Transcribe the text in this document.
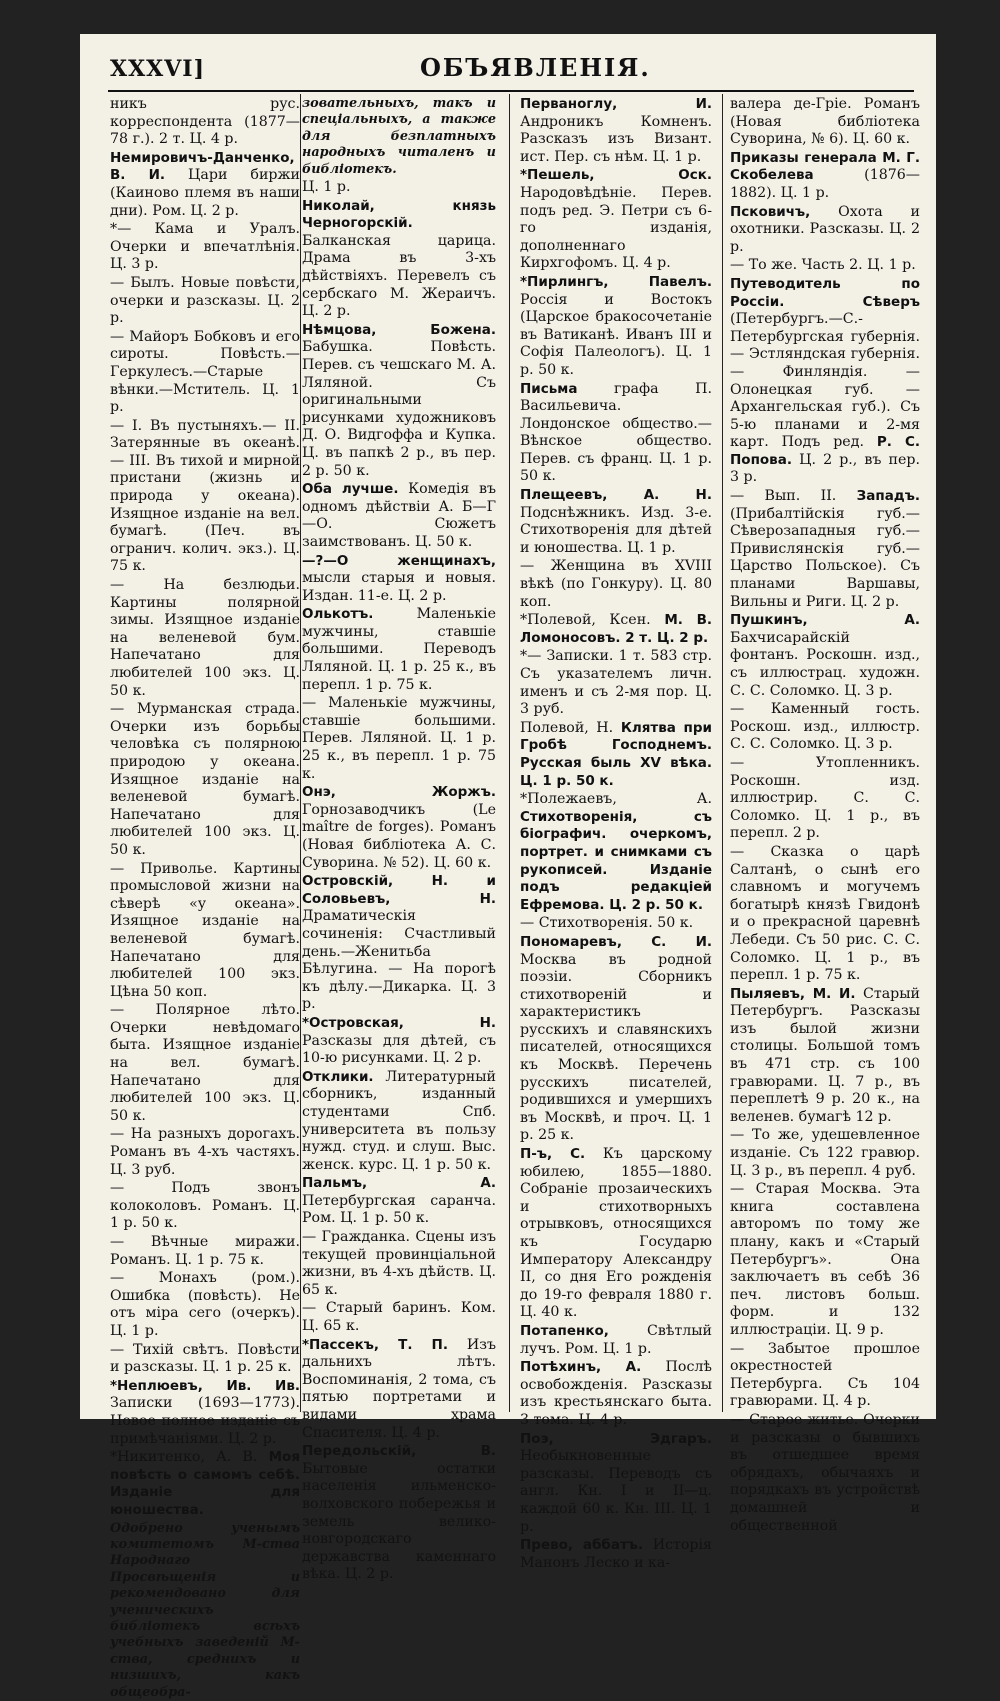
XXXVI]	ОБЪЯВЛЕНІЯ.

никъ рус. корреспондента (1877—78 г.). 2 т. Ц. 4 р.

Немировичъ-Данченко, В. И. Цари биржи (Каиново племя въ наши дни). Ром. Ц. 2 р.

*— Кама и Уралъ. Очерки и впечатлѣнія. Ц. 3 р.

— Былъ. Новые повѣсти, очерки и разсказы. Ц. 2 р.

— Майоръ Бобковъ и его сироты. Повѣсть.—Геркулесъ.—Старые вѣнки.—Мститель. Ц. 1 р.

— I. Въ пустыняхъ.— II. Затерянные въ океанѣ. — III. Въ тихой и мирной пристани (жизнь и природа у океана). Изящное изданіе на вел. бумагѣ. (Печ. въ огранич. колич. экз.). Ц. 75 к.

— На безлюдьи. Картины полярной зимы. Изящное изданіе на веленевой бум. Напечатано для любителей 100 экз. Ц. 50 к.

— Мурманская страда. Очерки изъ борьбы человѣка съ полярною природою у океана. Изящное изданіе на веленевой бумагѣ. Напечатано для любителей 100 экз. Ц. 50 к.

— Привольe. Картины промысловой жизни на сѣверѣ «у океана». Изящное изданіе на веленевой бумагѣ. Напечатано для любителей 100 экз. Цѣна 50 коп.

— Полярное лѣто. Очерки невѣдомаго быта. Изящное изданіе на вел. бумагѣ. Напечатано для любителей 100 экз. Ц. 50 к.

— На разныхъ дорогахъ. Романъ въ 4-хъ частяхъ. Ц. 3 руб.

— Подъ звонъ колоколовъ. Романъ. Ц. 1 р. 50 к.

— Вѣчные миражи. Романъ. Ц. 1 р. 75 к.

— Монахъ (ром.). Ошибка (повѣсть). Не отъ міра сего (очеркъ). Ц. 1 р.

— Тихій свѣтъ. Повѣсти и разсказы. Ц. 1 р. 25 к.

*Неплюевъ, Ив. Ив. Записки (1693—1773). Новое полное изданіе съ примѣчаніями. Ц. 2 р.

*Никитенко, А. В. Моя повѣсть о самомъ себѣ. Изданіе для юношества.

Одобрено ученымъ комитетомъ М-ства Народнаго Просвѣщенія и рекомендовано для ученическихъ библіотекъ всѣхъ учебныхъ заведеній М-ства, среднихъ и низшихъ, какъ общеобра-

зовательныхъ, такъ и спеціальныхъ, а также для безплатныхъ народныхъ читаленъ и библіотекъ.

Ц. 1 р.

Николай, князь Черногорскій. Балканская царица. Драма въ 3-хъ дѣйствіяхъ. Перевелъ съ сербскаго М. Жераичъ. Ц. 2 р.

Нѣмцова, Божена. Бабушка. Повѣсть. Перев. съ чешскаго М. А. Ляляной. Съ оригинальными рисунками художниковъ Д. О. Видгоффа и Купка. Ц. въ папкѣ 2 р., въ пер. 2 р. 50 к.

Оба лучше. Комедія въ одномъ дѣйствіи А. Б—Г—О. Сюжетъ заимствованъ. Ц. 50 к.

—?—О женщинахъ, мысли старыя и новыя. Издан. 11-е. Ц. 2 р.

Олькотъ. Маленькіе мужчины, ставшіе большими. Переводъ Ляляной. Ц. 1 р. 25 к., въ перепл. 1 р. 75 к.

— Маленькіе мужчины, ставшіе большими. Перев. Ляляной. Ц. 1 р. 25 к., въ перепл. 1 р. 75 к.

Онэ, Жоржъ. Горнозаводчикъ (Le maître de forges). Романъ (Новая библіотека А. С. Суворина. № 52). Ц. 60 к.

Островскій, Н. и Соловьевъ, Н. Драматическія сочиненія: Счастливый день.—Женитьба Бѣлугина. — На порогѣ къ дѣлу.—Дикарка. Ц. 3 р.

*Островская, Н. Разсказы для дѣтей, съ 10-ю рисунками. Ц. 2 р.

Отклики. Литературный сборникъ, изданный студентами Спб. университета въ пользу нужд. студ. и слуш. Выс. женск. курс. Ц. 1 р. 50 к.

Пальмъ, А. Петербургская саранча. Ром. Ц. 1 р. 50 к.

— Гражданка. Сцены изъ текущей провинціальной жизни, въ 4-хъ дѣйств. Ц. 65 к.

— Старый баринъ. Ком. Ц. 65 к.

*Пассекъ, Т. П. Изъ дальнихъ лѣтъ. Воспоминанія, 2 тома, съ пятью портретами и видами храма Спасителя. Ц. 4 р.

Передольскій, В. Бытовые остатки населенія ильменско-волховского побережья и земель велико-новгородскаго державства каменнаго вѣка. Ц. 2 р.

Перваноглу, И. Андроникъ Комненъ. Разсказъ изъ Визант. ист. Пер. съ нѣм. Ц. 1 р.

*Пешель, Оск. Народовѣдѣніе. Перев. подъ ред. Э. Петри съ 6-го изданія, дополненнаго Кирхгофомъ. Ц. 4 р.

*Пирлингъ, Павелъ. Россія и Востокъ (Царское бракосочетаніе въ Ватиканѣ. Иванъ III и Софія Палеологъ). Ц. 1 р. 50 к.

Письма графа П. Васильевича. Лондонское общество.—Вѣнское общество. Перев. съ франц. Ц. 1 р. 50 к.

Плещеевъ, А. Н. Подснѣжникъ. Изд. 3-е. Стихотворенія для дѣтей и юношества. Ц. 1 р.

— Женщина въ XVIII вѣкѣ (по Гонкуру). Ц. 80 коп.

*Полевой, Ксен. М. В. Ломоносовъ. 2 т. Ц. 2 р.

*— Записки. 1 т. 583 стр. Съ указателемъ личн. именъ и съ 2-мя пор. Ц. 3 руб.

Полевой, Н. Клятва при Гробѣ Господнемъ. Русская быль XV вѣка. Ц. 1 р. 50 к.

*Полежаевъ, А. Стихотворенія, съ біографич. очеркомъ, портрет. и снимками съ рукописей. Изданіе подъ редакціей Ефремова. Ц. 2 р. 50 к.

— Стихотворенія. 50 к.

Пономаревъ, С. И. Москва въ родной поэзіи. Сборникъ стихотвореній и характеристикъ русскихъ и славянскихъ писателей, относящихся къ Москвѣ. Перечень русскихъ писателей, родившихся и умершихъ въ Москвѣ, и проч. Ц. 1 р. 25 к.

П-ъ, С. Къ царскому юбилею, 1855—1880. Собраніе прозаическихъ и стихотворныхъ отрывковъ, относящихся къ Государю Императору Александру II, со дня Его рожденія до 19-го февраля 1880 г. Ц. 40 к.

Потапенко, Свѣтлый лучъ. Ром. Ц. 1 р.

Потѣхинъ, А. Послѣ освобожденія. Разсказы изъ крестьянскаго быта. 3 тома. Ц. 4 р.

Поэ, Эдгаръ. Необыкновенные разсказы. Переводъ съ англ. Кн. I и II—ц. каждой 60 к. Кн. III. Ц. 1 р.

Прево, аббатъ. Исторія Манонъ Леско и ка-

валера де-Гріе. Романъ (Новая библіотека Суворина, № 6). Ц. 60 к.

Приказы генерала М. Г. Скобелева (1876—1882). Ц. 1 р.

Псковичъ, Охота и охотники. Разсказы. Ц. 2 р.

— То же. Часть 2. Ц. 1 р.

Путеводитель по Россіи. Сѣверъ (Петербургъ.—С.-Петербургская губернія. — Эстляндская губернія. — Финляндія. — Олонецкая губ. — Архангельская губ.). Съ 5-ю планами и 2-мя карт. Подъ ред. Р. С. Попова. Ц. 2 р., въ пер. 3 р.

— Вып. II. Западъ. (Прибалтійскія губ.—Сѣверозападныя губ.—Привислянскія губ.—Царство Польское). Съ планами Варшавы, Вильны и Риги. Ц. 2 р.

Пушкинъ, А. Бахчисарайскій фонтанъ. Роскошн. изд., съ иллюстрац. художн. С. С. Соломко. Ц. 3 р.

— Каменный гость. Роскош. изд., иллюстр. С. С. Соломко. Ц. 3 р.

— Утопленникъ. Роскошн. изд. иллюстрир. С. С. Соломко. Ц. 1 р., въ перепл. 2 р.

— Сказка о царѣ Салтанѣ, о сынѣ его славномъ и могучемъ богатырѣ князѣ Гвидонѣ и о прекрасной царевнѣ Лебеди. Съ 50 рис. С. С. Соломко. Ц. 1 р., въ перепл. 1 р. 75 к.

Пыляевъ, М. И. Старый Петербургъ. Разсказы изъ былой жизни столицы. Большой томъ въ 471 стр. съ 100 гравюрами. Ц. 7 р., въ переплетѣ 9 р. 20 к., на веленев. бумагѣ 12 р.

— То же, удешевленное изданіе. Съ 122 гравюр. Ц. 3 р., въ перепл. 4 руб.

— Старая Москва. Эта книга составлена авторомъ по тому же плану, какъ и «Старый Петербургъ». Она заключаетъ въ себѣ 36 печ. листовъ больш. форм. и 132 иллюстраціи. Ц. 9 р.

— Забытое прошлое окрестностей Петербурга. Съ 104 гравюрами. Ц. 4 р.

— Старое житье. Очерки и разсказы о бывшихъ въ отшедшее время обрядахъ, обычаяхъ и порядкахъ въ устройствѣ домашней и общественной
